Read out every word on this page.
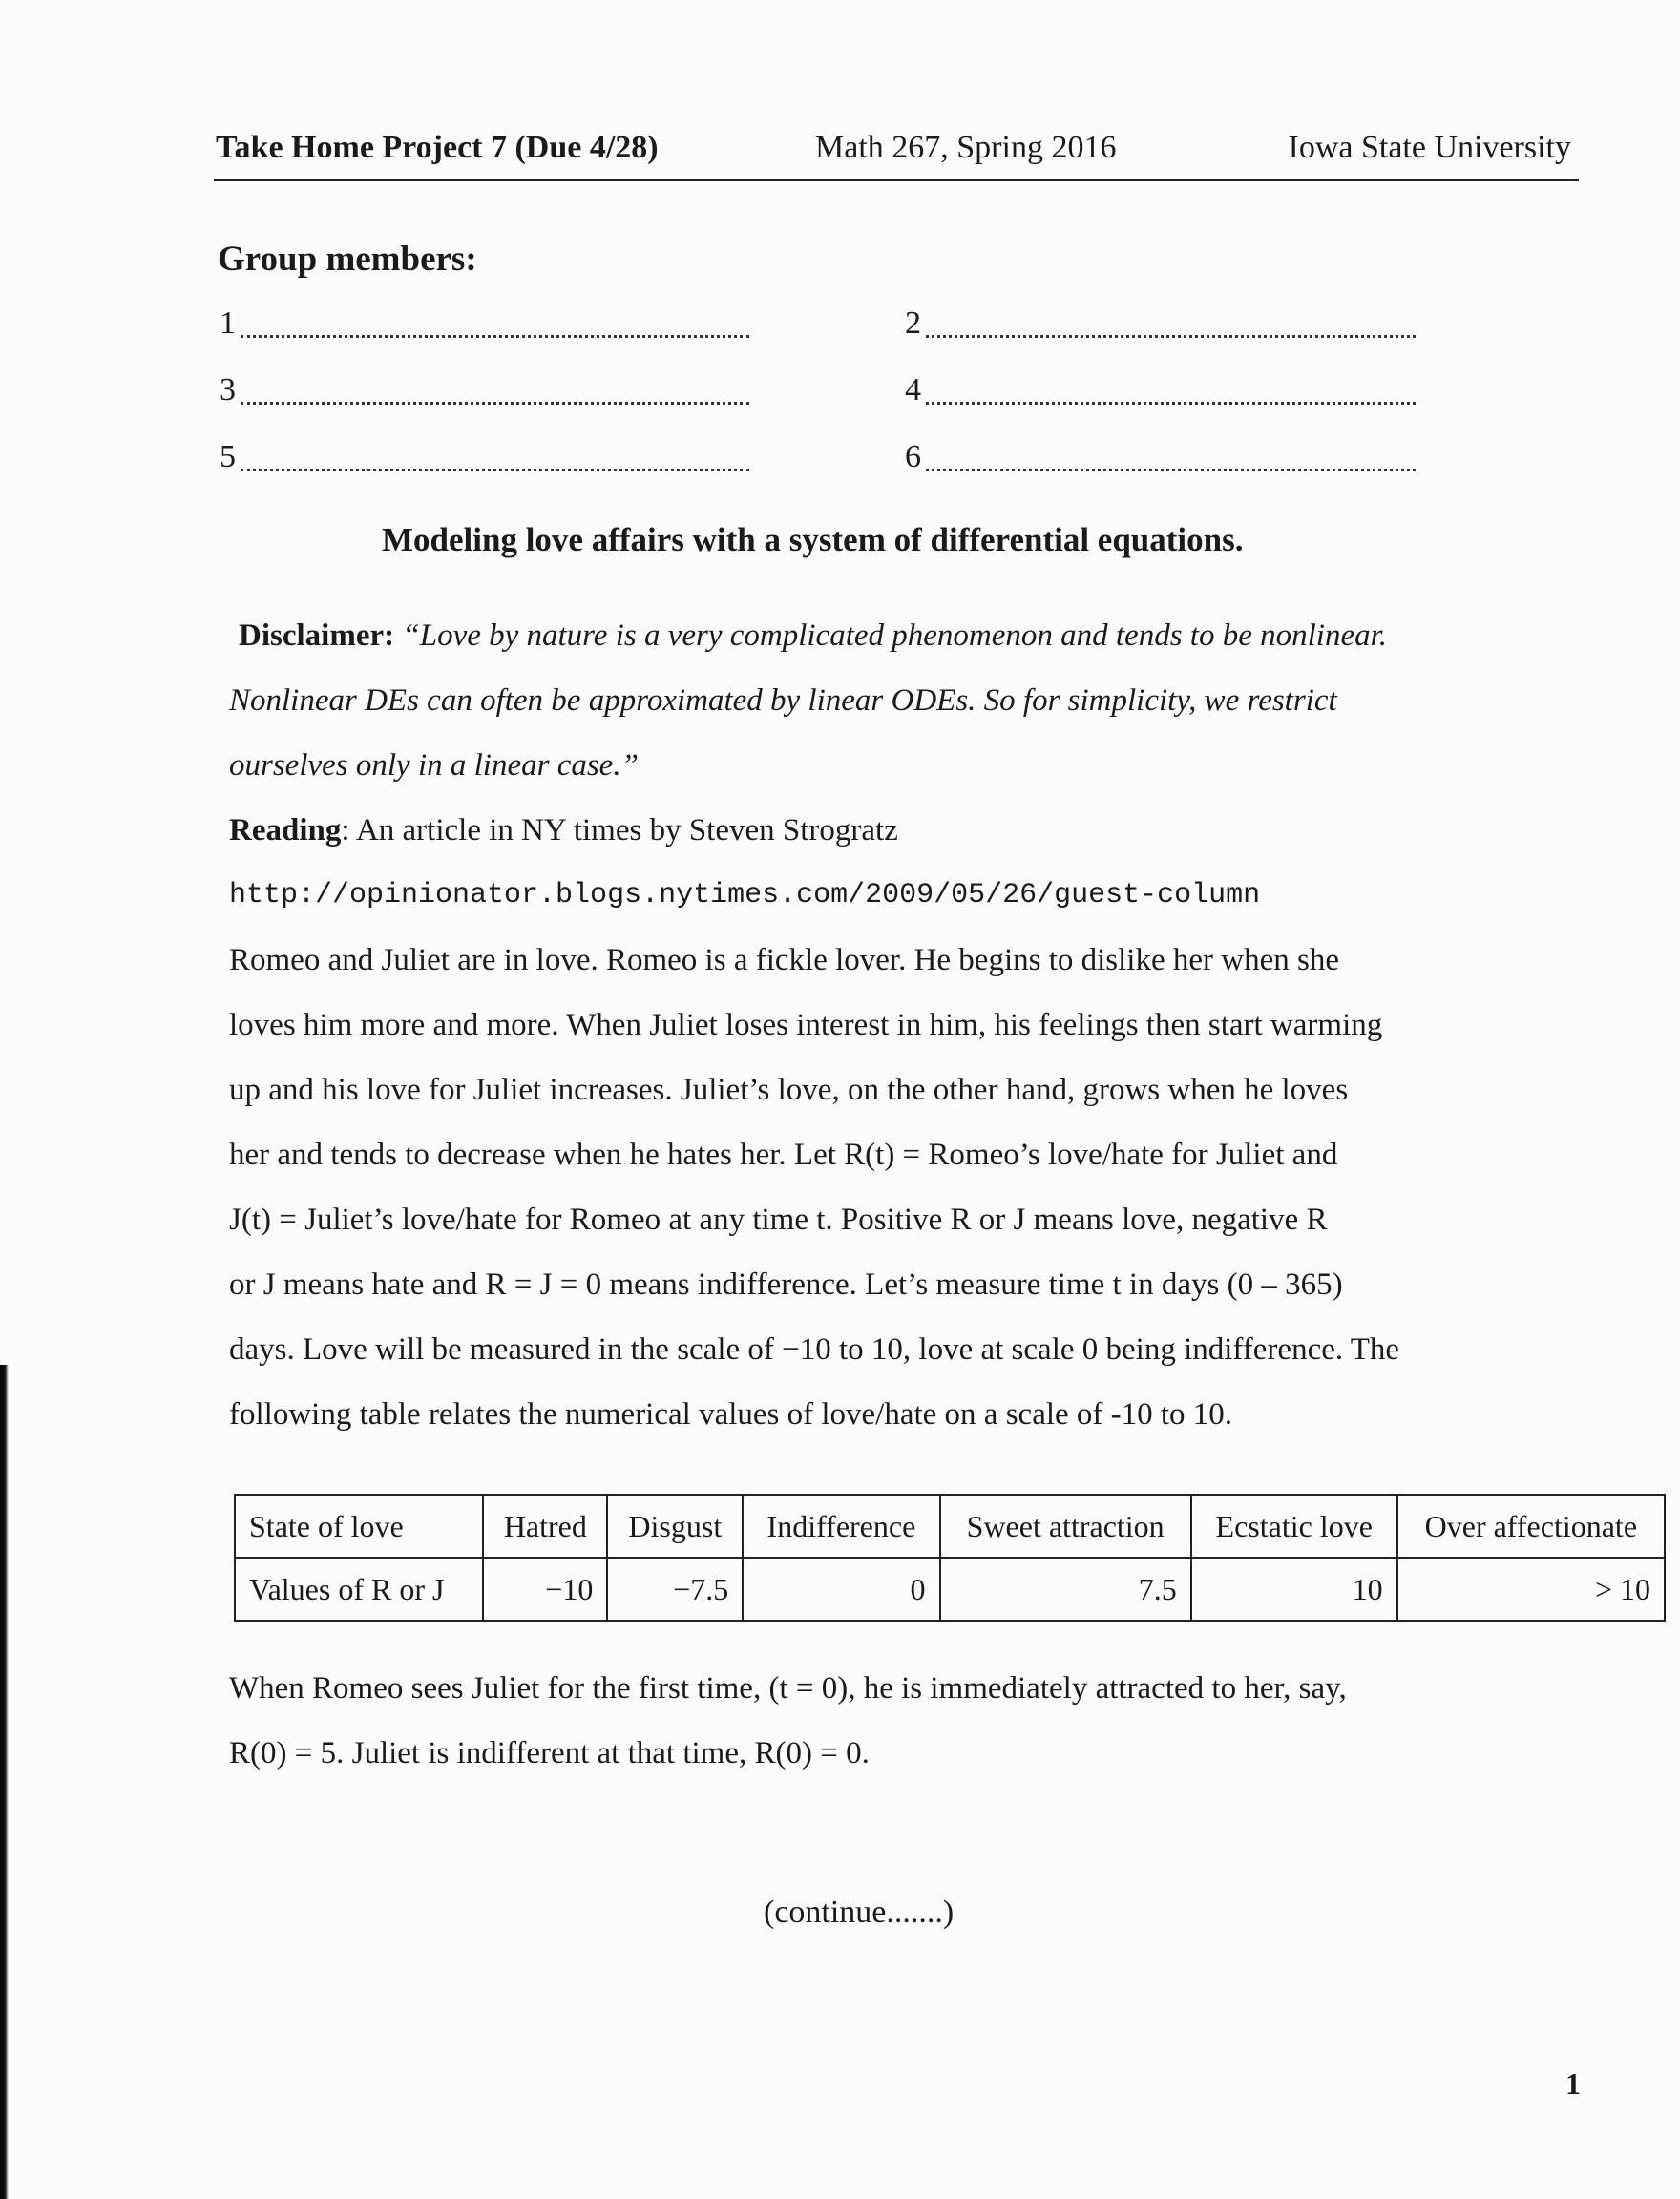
Take Home Project 7 (Due 4/28)	Math 267, Spring 2016	Iowa State University
Group members:
1	2
3	4
5	6
Modeling love affairs with a system of differential equations.
Disclaimer: “Love by nature is a very complicated phenomenon and tends to be nonlinear.
Nonlinear DEs can often be approximated by linear ODEs. So for simplicity, we restrict
ourselves only in a linear case.”
Reading: An article in NY times by Steven Strogratz
http://opinionator.blogs.nytimes.com/2009/05/26/guest-column
Romeo and Juliet are in love. Romeo is a fickle lover. He begins to dislike her when she
loves him more and more. When Juliet loses interest in him, his feelings then start warming
up and his love for Juliet increases. Juliet’s love, on the other hand, grows when he loves
her and tends to decrease when he hates her. Let R(t) = Romeo’s love/hate for Juliet and
J(t) = Juliet’s love/hate for Romeo at any time t. Positive R or J means love, negative R
or J means hate and R = J = 0 means indifference. Let’s measure time t in days (0 – 365)
days. Love will be measured in the scale of −10 to 10, love at scale 0 being indifference. The
following table relates the numerical values of love/hate on a scale of -10 to 10.
State of love	Hatred	Disgust	Indifference	Sweet attraction	Ecstatic love	Over affectionate
Values of R or J	−10	−7.5	0	7.5	10	> 10
When Romeo sees Juliet for the first time, (t = 0), he is immediately attracted to her, say,
R(0) = 5. Juliet is indifferent at that time, R(0) = 0.
(continue.......)
1
